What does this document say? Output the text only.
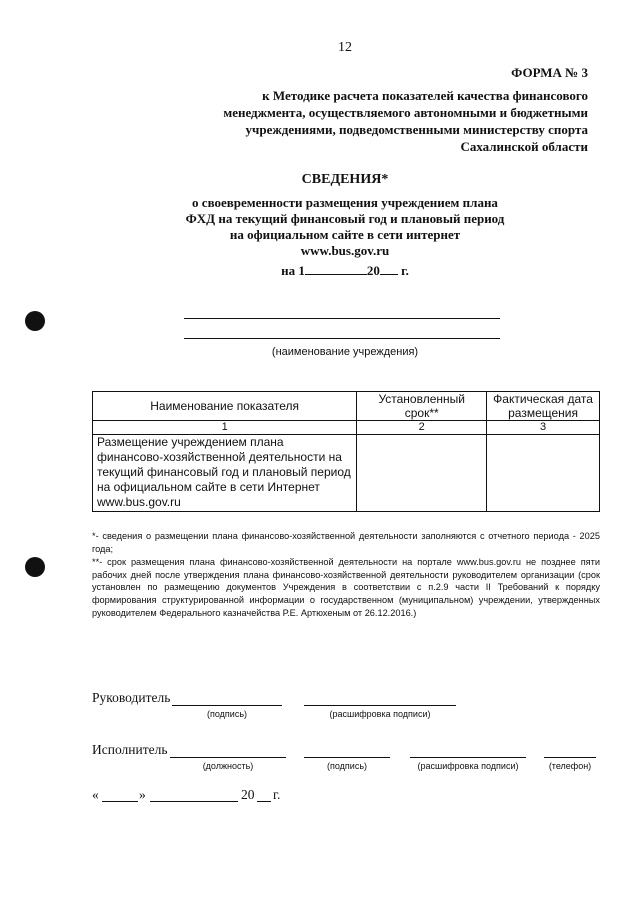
12
ФОРМА № 3
к Методике расчета показателей качества финансового
менеджмента, осуществляемого автономными и бюджетными
учреждениями, подведомственными министерству спорта
Сахалинской области
СВЕДЕНИЯ*
о своевременности размещения учреждением плана
ФХД на текущий финансовый год и плановый период
на официальном сайте в сети интернет
www.bus.gov.ru
на 1	20 г.
(наименование учреждения)
Наименование показателя	Установленный срок**	Фактическая дата размещения
1	2	3
Размещение учреждением плана финансово-хозяйственной деятельности на текущий финансовый год и плановый период на официальном сайте в сети Интернет www.bus.gov.ru		

*- сведения о размещении плана финансово-хозяйственной деятельности заполняются с отчетного периода - 2025 года;

**- срок размещения плана финансово-хозяйственной деятельности на портале www.bus.gov.ru не позднее пяти рабочих дней после утверждения плана финансово-хозяйственной деятельности руководителем организации (срок установлен по размещению документов Учреждения в соответствии с п.2.9 части II Требований к порядку формирования структурированной информации о государственном (муниципальном) учреждении, утвержденных руководителем Федерального казначейства Р.Е. Артюхеным от 26.12.2016.)

Руководитель
(подпись)	(расшифровка подписи)
Исполнитель
(должность)	(подпись)	(расшифровка подписи)	(телефон)
«	»	20 г.
